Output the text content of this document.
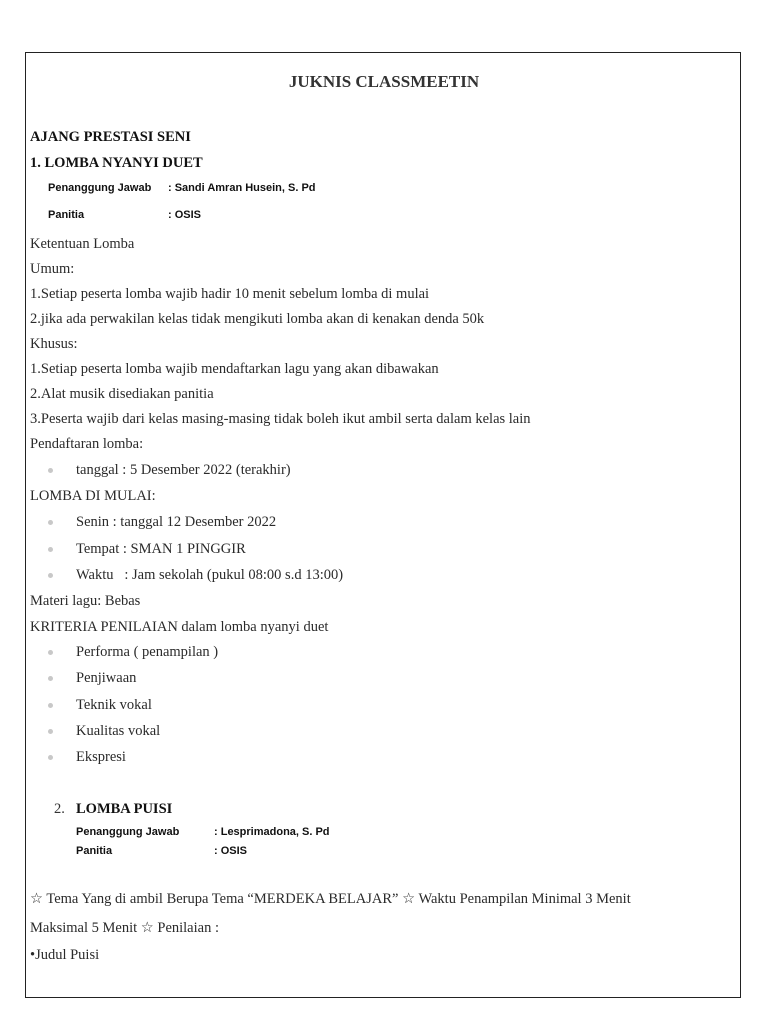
JUKNIS CLASSMEETIN
AJANG PRESTASI SENI
1. LOMBA NYANYI DUET
Penanggung Jawab : Sandi Amran Husein, S. Pd
Panitia	: OSIS
Ketentuan Lomba
Umum:
1.Setiap peserta lomba wajib hadir 10 menit sebelum lomba di mulai
2.jika ada perwakilan kelas tidak mengikuti lomba akan di kenakan denda 50k
Khusus:
1.Setiap peserta lomba wajib mendaftarkan lagu yang akan dibawakan
2.Alat musik disediakan panitia
3.Peserta wajib dari kelas masing-masing tidak boleh ikut ambil serta dalam kelas lain
Pendaftaran lomba:
tanggal : 5 Desember 2022 (terakhir)
LOMBA DI MULAI:
Senin : tanggal 12 Desember 2022
Tempat : SMAN 1 PINGGIR
Waktu   : Jam sekolah (pukul 08:00 s.d 13:00)
Materi lagu: Bebas
KRITERIA PENILAIAN dalam lomba nyanyi duet
Performa ( penampilan )
Penjiwaan
Teknik vokal
Kualitas vokal
Ekspresi
2. LOMBA PUISI
Penanggung Jawab	: Lesprimadona, S. Pd
Panitia	: OSIS
☆ Tema Yang di ambil Berupa Tema “MERDEKA BELAJAR” ☆ Waktu Penampilan Minimal 3 Menit
Maksimal 5 Menit ☆ Penilaian :
•Judul Puisi
